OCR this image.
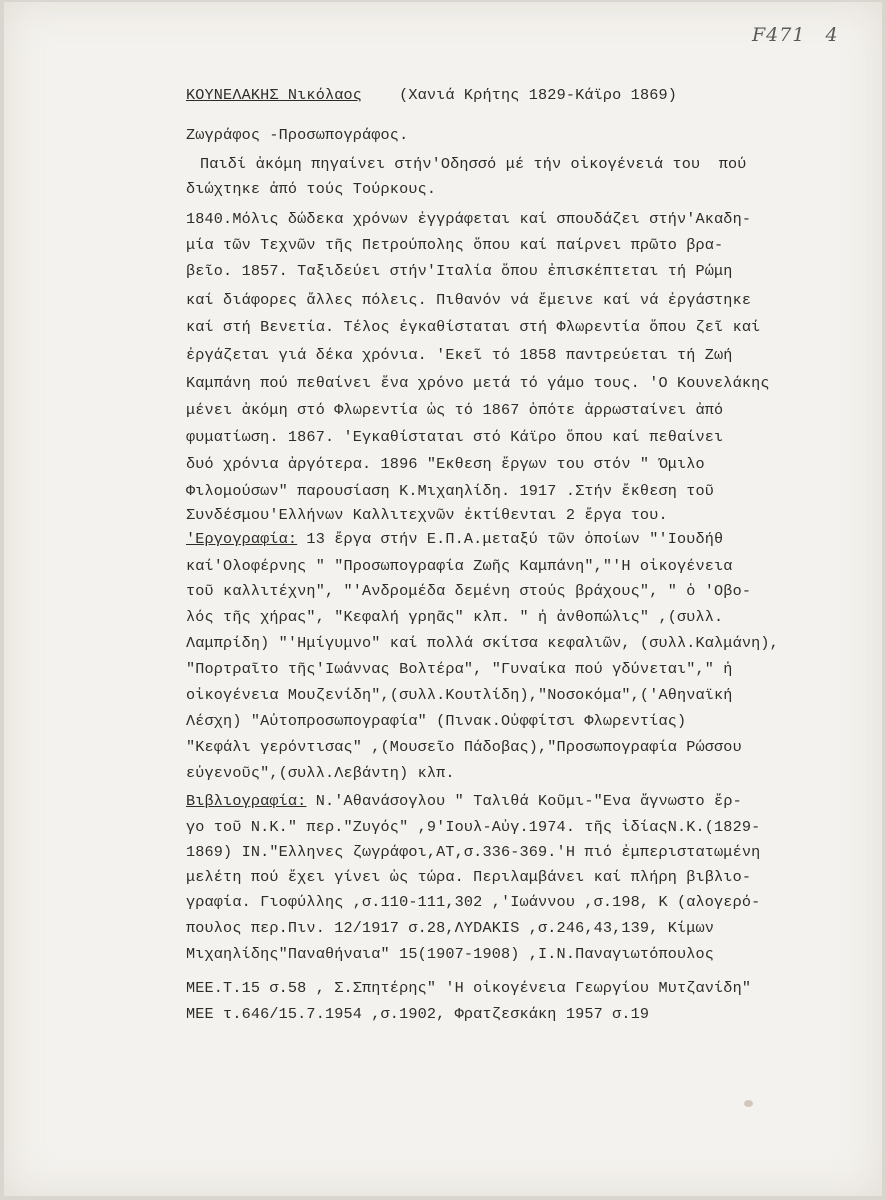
F471 4
ΚΟΥΝΕΛΑΚΗΣ Νικόλαος (Χανιά Κρήτης 1829-Κάϊρο 1869)
Ζωγράφος -Προσωπογράφος.
Παιδί ἀκόμη πηγαίνει στήν'Οδησσό μέ τήν οἰκογένειά του  πού
διώχτηκε ἀπό τούς Τούρκους.
1840.Μόλις δώδεκα χρόνων ἐγγράφεται καί σπουδάζει στήν'Ακαδη-
μία τῶν Τεχνῶν τῆς Πετρούπολης ὅπου καί παίρνει πρῶτο βρα-
βεῖο. 1857. Ταξιδεύει στήν'Ιταλία ὅπου ἐπισκέπτεται τή Ρώμη
καί διάφορες ἄλλες πόλεις. Πιθανόν νά ἔμεινε καί νά ἐργάστηκε
καί στή Βενετία. Τέλος ἐγκαθίσταται στή Φλωρεντία ὅπου ζεῖ καί
ἐργάζεται γιά δέκα χρόνια. 'Εκεῖ τό 1858 παντρεύεται τή Ζωή
Καμπάνη πού πεθαίνει ἕνα χρόνο μετά τό γάμο τους. 'Ο Κουνελάκης
μένει ἀκόμη στό Φλωρεντία ὡς τό 1867 ὁπότε ἀρρωσταίνει ἀπό
φυματίωση. 1867. 'Εγκαθίσταται στό Κάϊρο ὅπου καί πεθαίνει
δυό χρόνια ἀργότερα. 1896 "Εκθεση ἔργων του στόν " Όμιλο
Φιλομούσων" παρουσίαση Κ.Μιχαηλίδη. 1917 .Στήν ἔκθεση τοῦ
Συνδέσμου'Ελλήνων Καλλιτεχνῶν ἐκτίθενται 2 ἔργα του.
'Εργογραφία: 13 ἔργα στήν Ε.Π.Α.μεταξύ τῶν ὁποίων "'Ιουδήθ
καί'Ολοφέρνης " "Προσωπογραφία Ζωῆς Καμπάνη","'Η οἰκογένεια
τοῦ καλλιτέχνη", "'Ανδρομέδα δεμένη στούς βράχους", " ὁ 'Οβο-
λός τῆς χήρας", "Κεφαλή γρηᾶς" κλπ. " ἡ ἀνθοπώλις" ,(συλλ.
Λαμπρίδη) "'Ημίγυμνο" καί πολλά σκίτσα κεφαλιῶν, (συλλ.Καλμάνη),
"Πορτραῖτο τῆς'Ιωάννας Βολτέρα", "Γυναίκα πού γδύνεται"," ἡ
οἰκογένεια Μουζενίδη",(συλλ.Κουτλίδη),"Νοσοκόμα",('Αθηναϊκή
Λέσχη) "Αὐτοπροσωπογραφία" (Πινακ.Οὐφφίτσι Φλωρεντίας)
"Κεφάλι γερόντισας" ,(Μουσεῖο Πάδοβας),"Προσωπογραφία Ρώσσου
εὐγενοῦς",(συλλ.Λεβάντη) κλπ.
Βιβλιογραφία: Ν.'Αθανάσογλου " Ταλιθά Κοῦμι-"Ενα ἄγνωστο ἔρ-
γο τοῦ Ν.Κ." περ."Ζυγός" ,9'Ιουλ-Αὐγ.1974. τῆς ἰδίαςΝ.Κ.(1829-
1869) ΙΝ."Ελληνες ζωγράφοι,ΑΤ,σ.336-369.'Η πιό ἐμπεριστατωμένη
μελέτη πού ἔχει γίνει ὡς τώρα. Περιλαμβάνει καί πλήρη βιβλιο-
γραφία. Γιοφύλλης ,σ.110-111,302 ,'Ιωάννου ,σ.198, Κ (αλογερό-
πουλος περ.Πιν. 12/1917 σ.28,ΛΥDΑΚΙS ,σ.246,43,139, Κίμων
Μιχαηλίδης"Παναθήναια" 15(1907-1908) ,Ι.Ν.Παναγιωτόπουλος
ΜΕΕ.Τ.15 σ.58 , Σ.Σπητέρης" 'Η οἰκογένεια Γεωργίου Μυτζανίδη"
ΜΕΕ τ.646/15.7.1954 ,σ.1902, Φρατζεσκάκη 1957 σ.19
